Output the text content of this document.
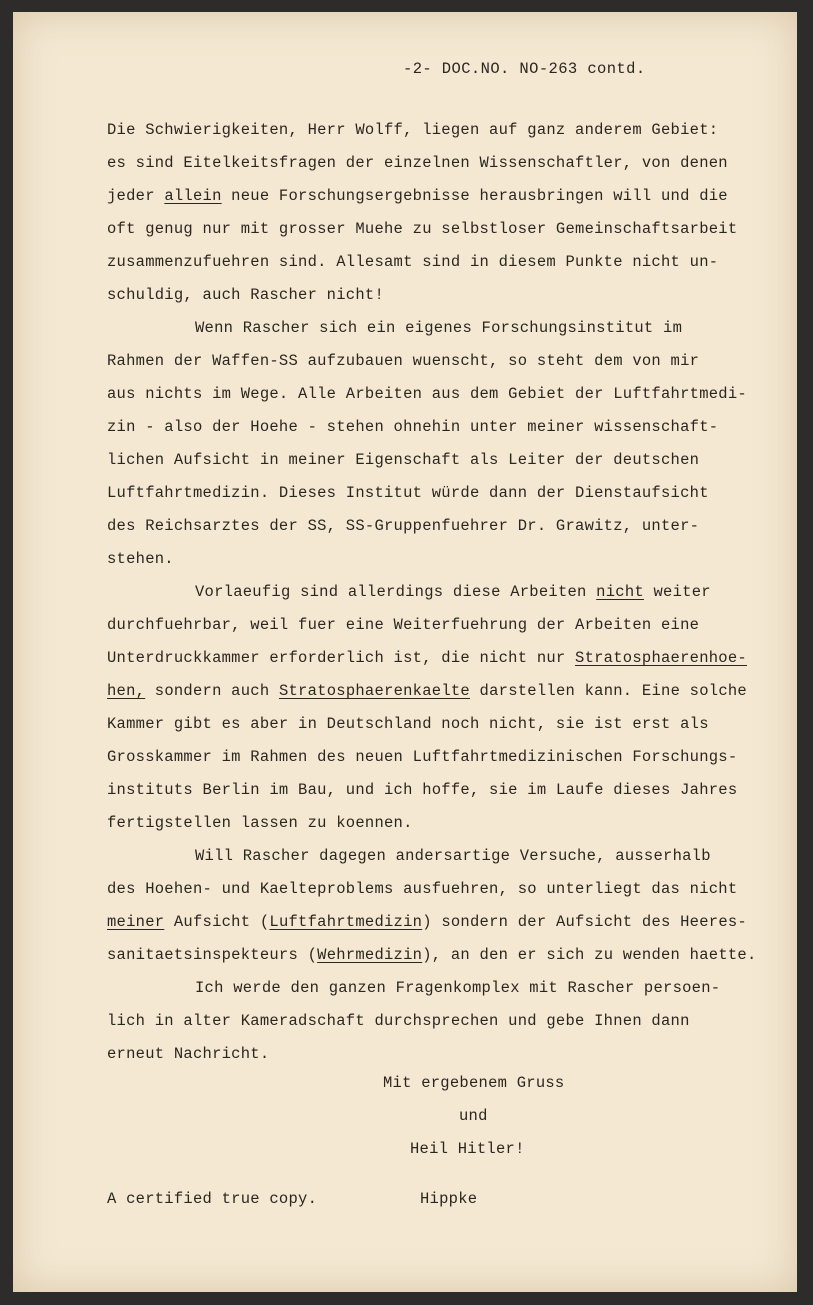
-2- DOC.NO. NO-263 contd.
Die Schwierigkeiten, Herr Wolff, liegen auf ganz anderem Gebiet:
es sind Eitelkeitsfragen der einzelnen Wissenschaftler, von denen
jeder allein neue Forschungsergebnisse herausbringen will und die
oft genug nur mit grosser Muehe zu selbstloser Gemeinschaftsarbeit
zusammenzufuehren sind. Allesamt sind in diesem Punkte nicht un-
schuldig, auch Rascher nicht!
Wenn Rascher sich ein eigenes Forschungsinstitut im
Rahmen der Waffen-SS aufzubauen wuenscht, so steht dem von mir
aus nichts im Wege. Alle Arbeiten aus dem Gebiet der Luftfahrtmedi-
zin - also der Hoehe - stehen ohnehin unter meiner wissenschaft-
lichen Aufsicht in meiner Eigenschaft als Leiter der deutschen
Luftfahrtmedizin. Dieses Institut würde dann der Dienstaufsicht
des Reichsarztes der SS, SS-Gruppenfuehrer Dr. Grawitz, unter-
stehen.
Vorlaeufig sind allerdings diese Arbeiten nicht weiter
durchfuehrbar, weil fuer eine Weiterfuehrung der Arbeiten eine
Unterdruckkammer erforderlich ist, die nicht nur Stratosphaerenhoe-
hen, sondern auch Stratosphaerenkaelte darstellen kann. Eine solche
Kammer gibt es aber in Deutschland noch nicht, sie ist erst als
Grosskammer im Rahmen des neuen Luftfahrtmedizinischen Forschungs-
instituts Berlin im Bau, und ich hoffe, sie im Laufe dieses Jahres
fertigstellen lassen zu koennen.
Will Rascher dagegen andersartige Versuche, ausserhalb
des Hoehen- und Kaelteproblems ausfuehren, so unterliegt das nicht
meiner Aufsicht (Luftfahrtmedizin) sondern der Aufsicht des Heeres-
sanitaetsinspekteurs (Wehrmedizin), an den er sich zu wenden haette.
Ich werde den ganzen Fragenkomplex mit Rascher persoen-
lich in alter Kameradschaft durchsprechen und gebe Ihnen dann
erneut Nachricht.
Mit ergebenem Gruss
und
Heil Hitler!
A certified true copy.	Hippke
